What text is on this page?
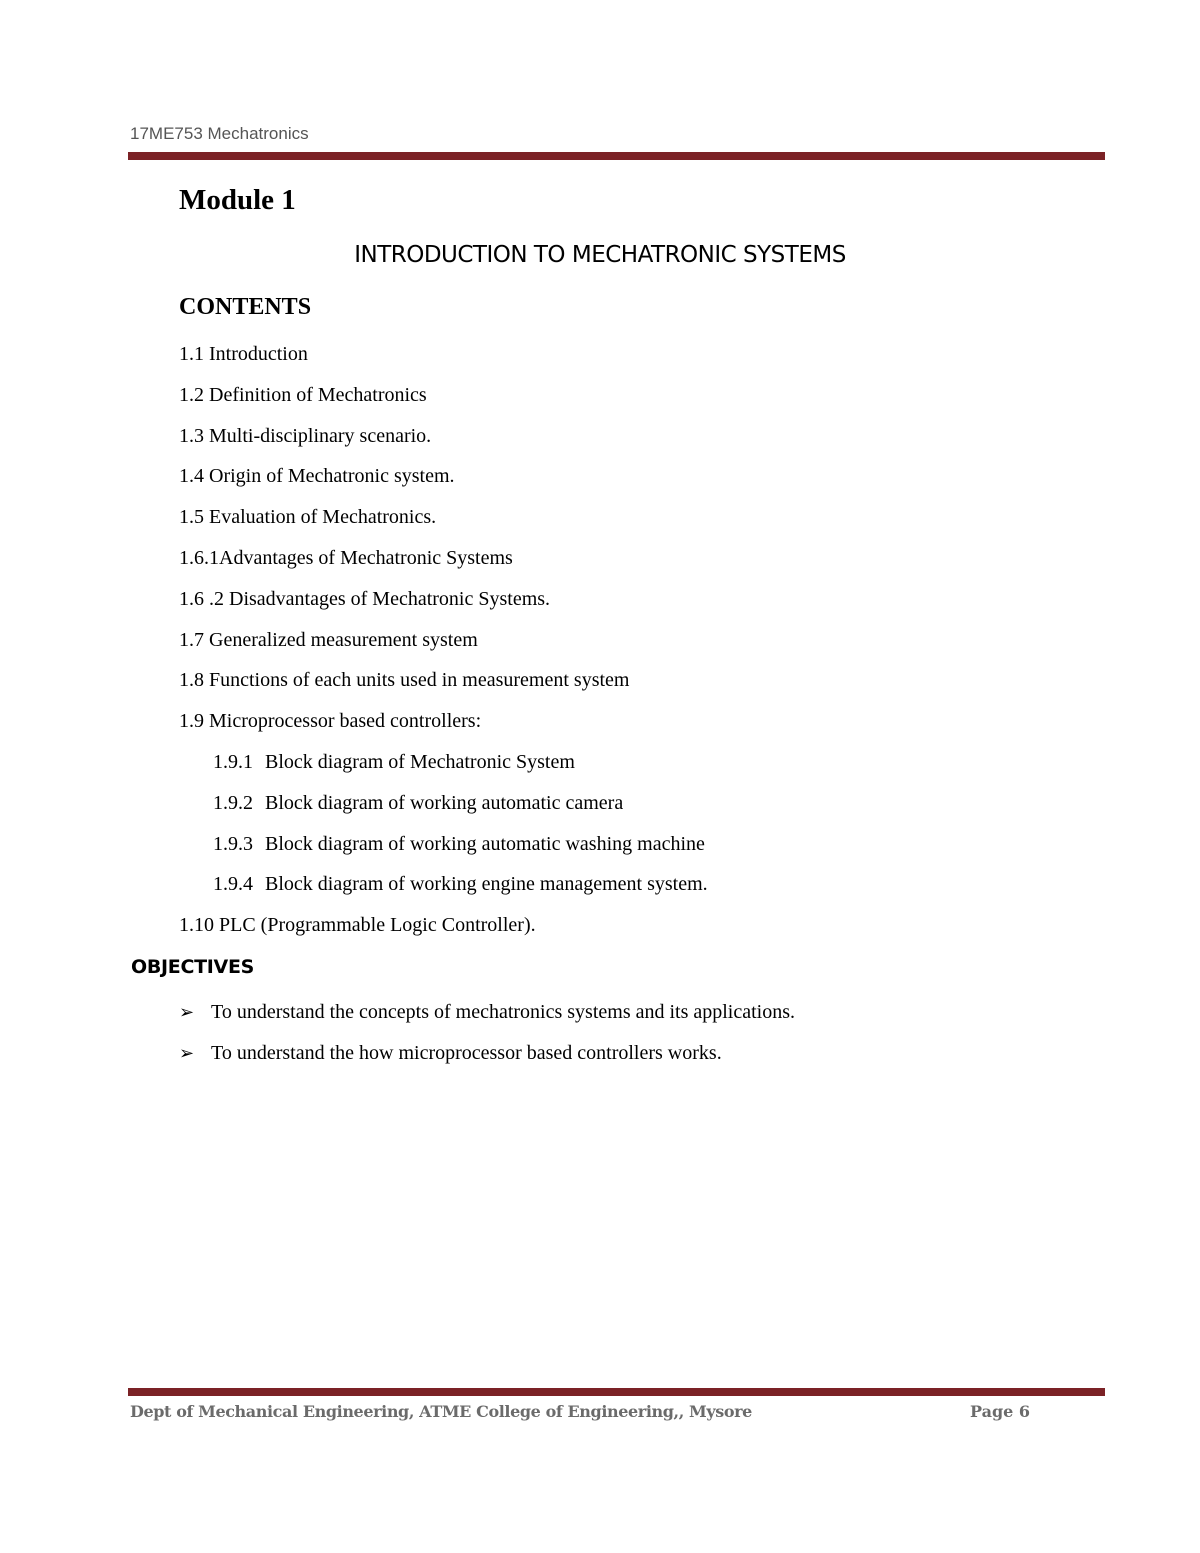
17ME753 Mechatronics
Module 1
INTRODUCTION TO MECHATRONIC SYSTEMS
CONTENTS
1.1 Introduction
1.2 Definition of Mechatronics
1.3 Multi-disciplinary scenario.
1.4 Origin of Mechatronic system.
1.5 Evaluation of Mechatronics.
1.6.1Advantages of Mechatronic Systems
1.6 .2 Disadvantages of Mechatronic Systems.
1.7 Generalized measurement system
1.8 Functions of each units used in measurement system
1.9 Microprocessor based controllers:
1.9.1 Block diagram of Mechatronic System
1.9.2 Block diagram of working automatic camera
1.9.3 Block diagram of working automatic washing machine
1.9.4 Block diagram of working engine management system.
1.10 PLC (Programmable Logic Controller).
OBJECTIVES
➢ To understand the concepts of mechatronics systems and its applications.
➢ To understand the how microprocessor based controllers works.
Dept of Mechanical Engineering, ATME College of Engineering,, Mysore	Page 6
